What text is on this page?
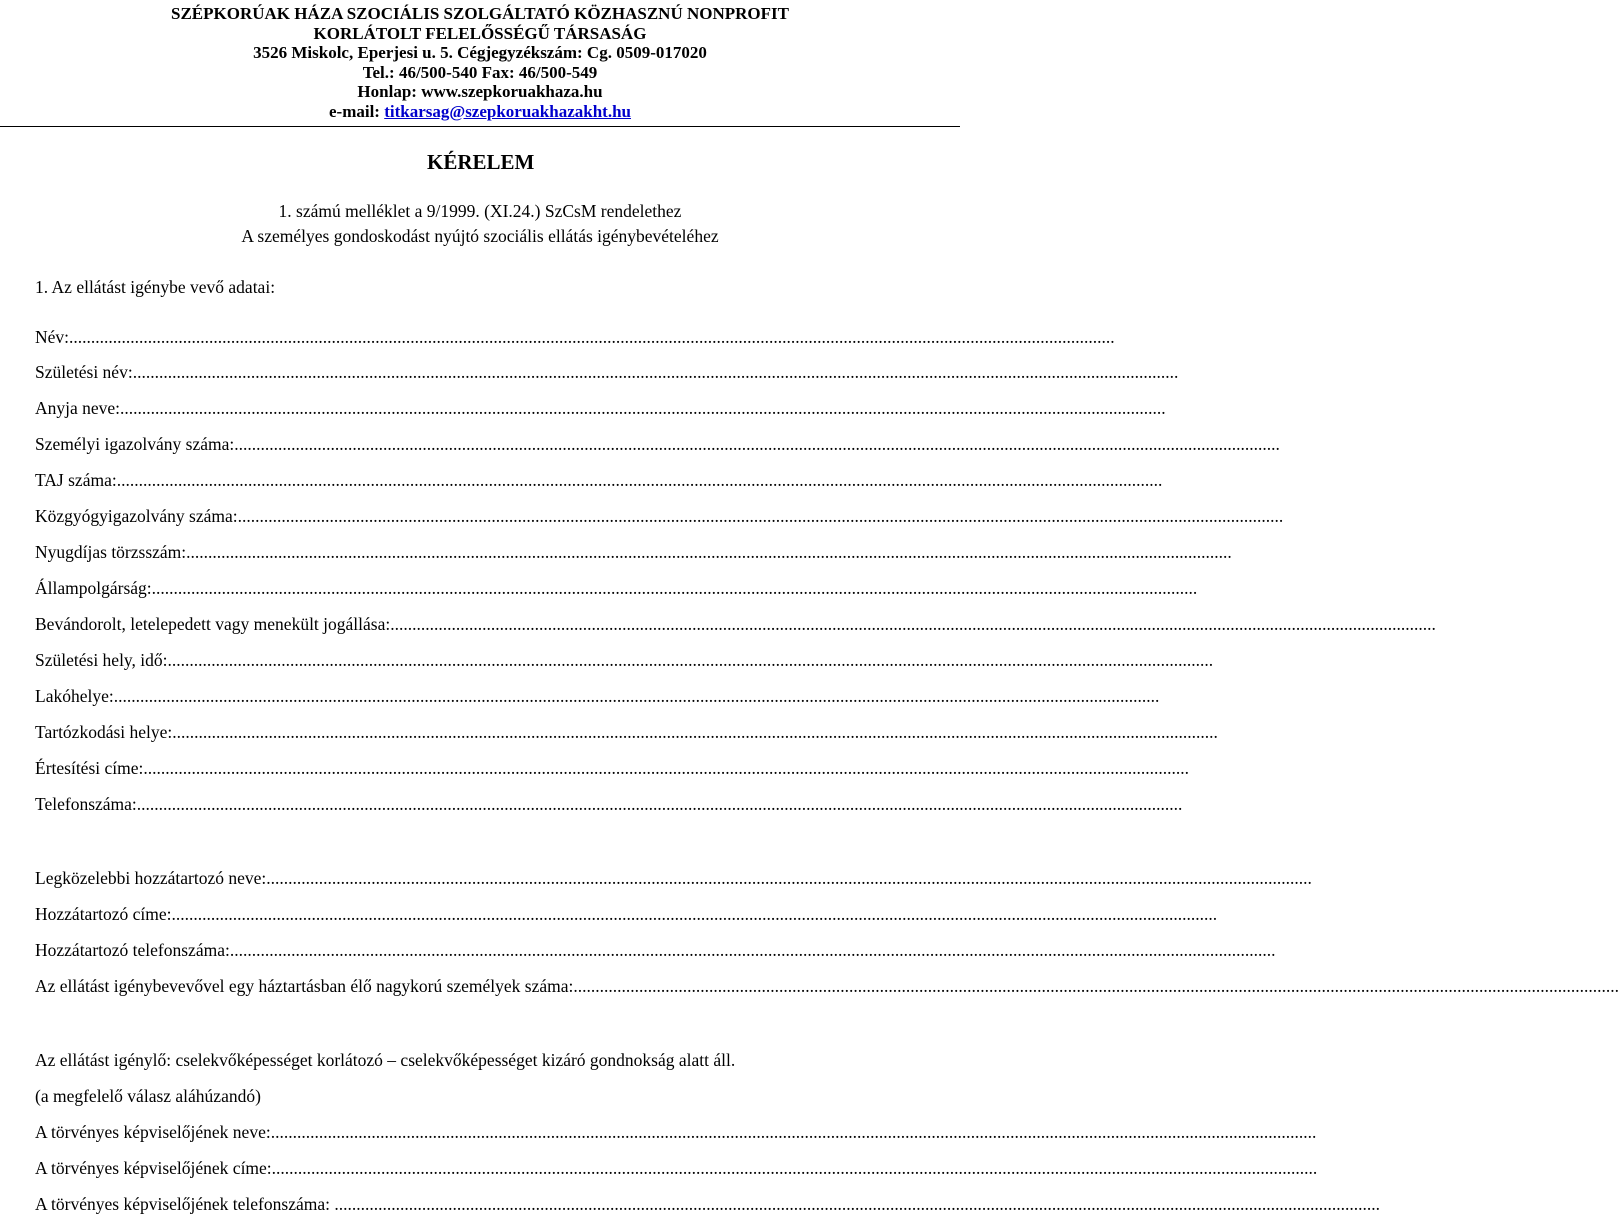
SZÉPKORÚAK HÁZA SZOCIÁLIS SZOLGÁLTATÓ KÖZHASZNÚ NONPROFIT
KORLÁTOLT FELELŐSSÉGŰ TÁRSASÁG
3526 Miskolc, Eperjesi u. 5. Cégjegyzékszám: Cg. 0509-017020
Tel.: 46/500-540 Fax: 46/500-549
Honlap: www.szepkoruakhaza.hu
e-mail: titkarsag@szepkoruakhazakht.hu
KÉRELEM
1. számú melléklet a 9/1999. (XI.24.) SzCsM rendelethez
A személyes gondoskodást nyújtó szociális ellátás igénybevételéhez
1. Az ellátást igénybe vevő adatai:
Név:...............................................................................................................................................................................................................................................
Születési név:...............................................................................................................................................................................................................................................
Anyja neve:...............................................................................................................................................................................................................................................
Személyi igazolvány száma:...............................................................................................................................................................................................................................................
TAJ száma:...............................................................................................................................................................................................................................................
Közgyógyigazolvány száma:...............................................................................................................................................................................................................................................
Nyugdíjas törzsszám:...............................................................................................................................................................................................................................................
Állampolgárság:...............................................................................................................................................................................................................................................
Bevándorolt, letelepedett vagy menekült jogállása:...............................................................................................................................................................................................................................................
Születési hely, idő:...............................................................................................................................................................................................................................................
Lakóhelye:...............................................................................................................................................................................................................................................
Tartózkodási helye:...............................................................................................................................................................................................................................................
Értesítési címe:...............................................................................................................................................................................................................................................
Telefonszáma:...............................................................................................................................................................................................................................................
Legközelebbi hozzátartozó neve:...............................................................................................................................................................................................................................................
Hozzátartozó címe:...............................................................................................................................................................................................................................................
Hozzátartozó telefonszáma:...............................................................................................................................................................................................................................................
Az ellátást igénybevevővel egy háztartásban élő nagykorú személyek száma:...............................................................................................................................................................................................................................................
Az ellátást igénylő: cselekvőképességet korlátozó – cselekvőképességet kizáró gondnokság alatt áll.
(a megfelelő válasz aláhúzandó)
A törvényes képviselőjének neve:...............................................................................................................................................................................................................................................
A törvényes képviselőjének címe:...............................................................................................................................................................................................................................................
A törvényes képviselőjének telefonszáma: ...............................................................................................................................................................................................................................................
